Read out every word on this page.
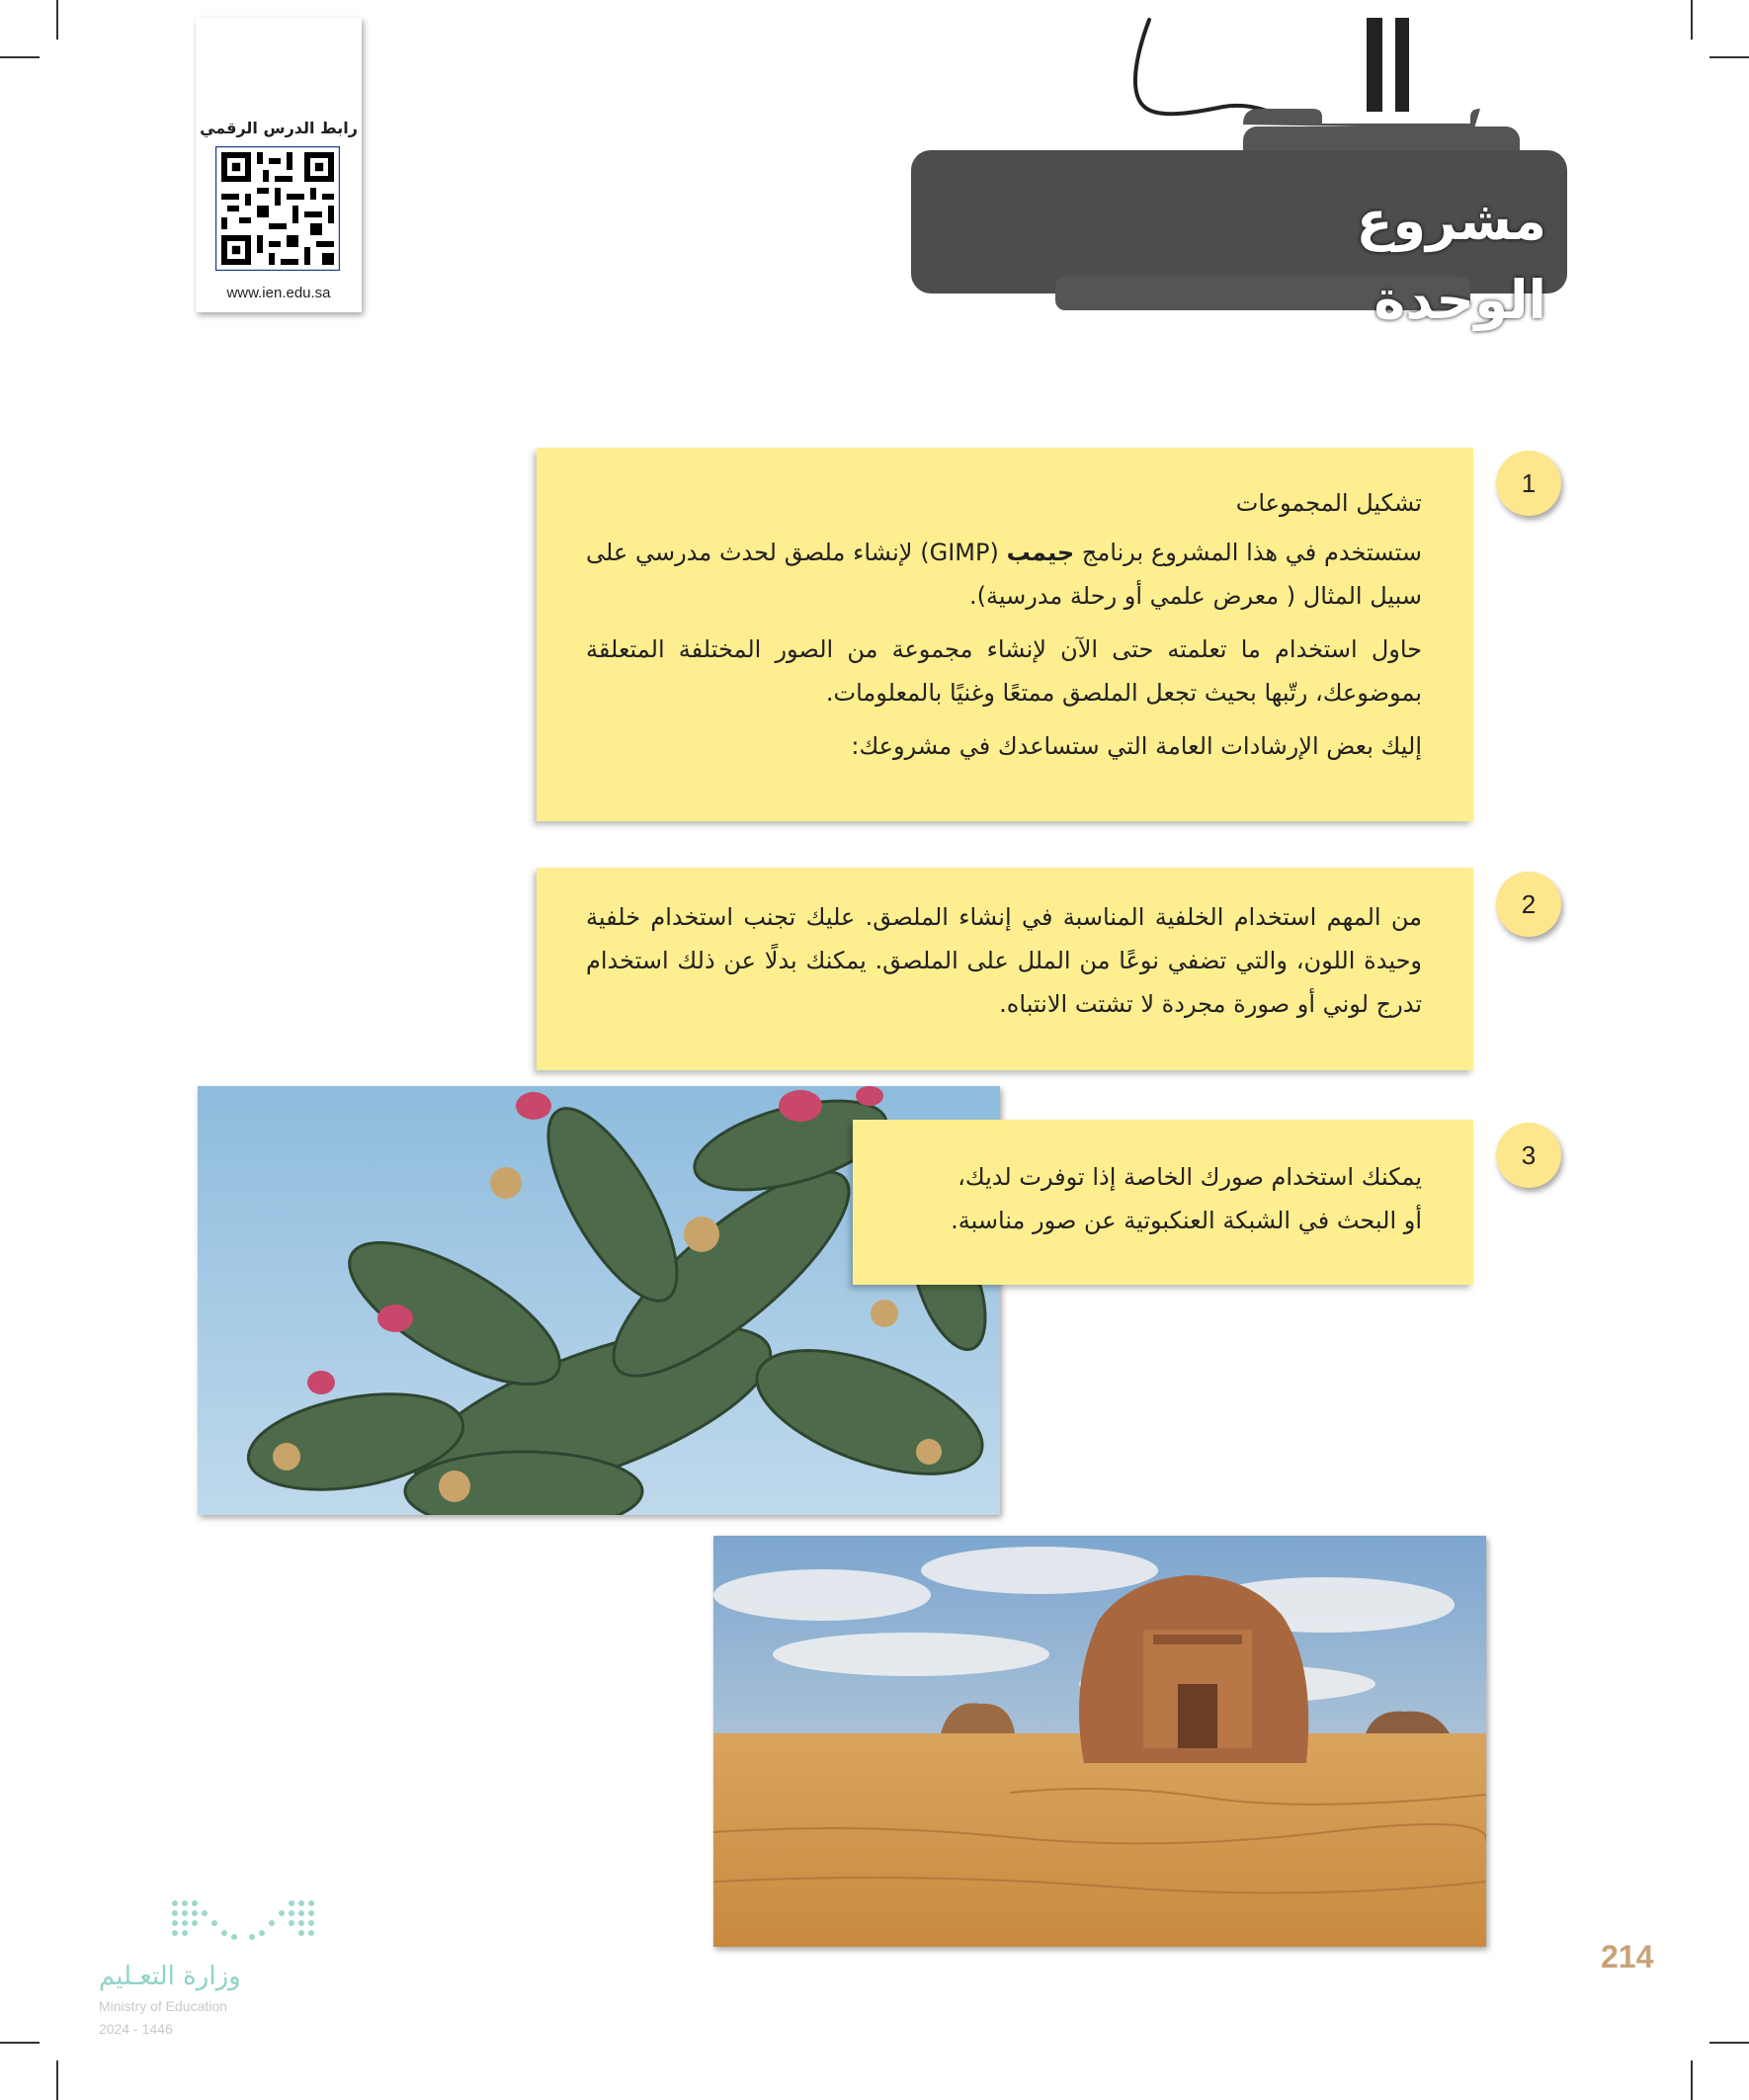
رابط الدرس الرقمي
www.ien.edu.sa
مشروع الوحدة
1

تشكيل المجموعات

ستستخدم في هذا المشروع برنامج جيمب (GIMP) لإنشاء ملصق لحدث مدرسي على سبيل المثال ( معرض علمي أو رحلة مدرسية).

حاول استخدام ما تعلمته حتى الآن لإنشاء مجموعة من الصور المختلفة المتعلقة بموضوعك، رتّبها بحيث تجعل الملصق ممتعًا وغنيًا بالمعلومات.

إليك بعض الإرشادات العامة التي ستساعدك في مشروعك:

2

من المهم استخدام الخلفية المناسبة في إنشاء الملصق. عليك تجنب استخدام خلفية وحيدة اللون، والتي تضفي نوعًا من الملل على الملصق. يمكنك بدلًا عن ذلك استخدام تدرج لوني أو صورة مجردة لا تشتت الانتباه.

3
يمكنك استخدام صورك الخاصة إذا توفرت لديك،
أو البحث في الشبكة العنكبوتية عن صور مناسبة.
214
وزارة التعـليم
Ministry of Education
2024 - 1446
